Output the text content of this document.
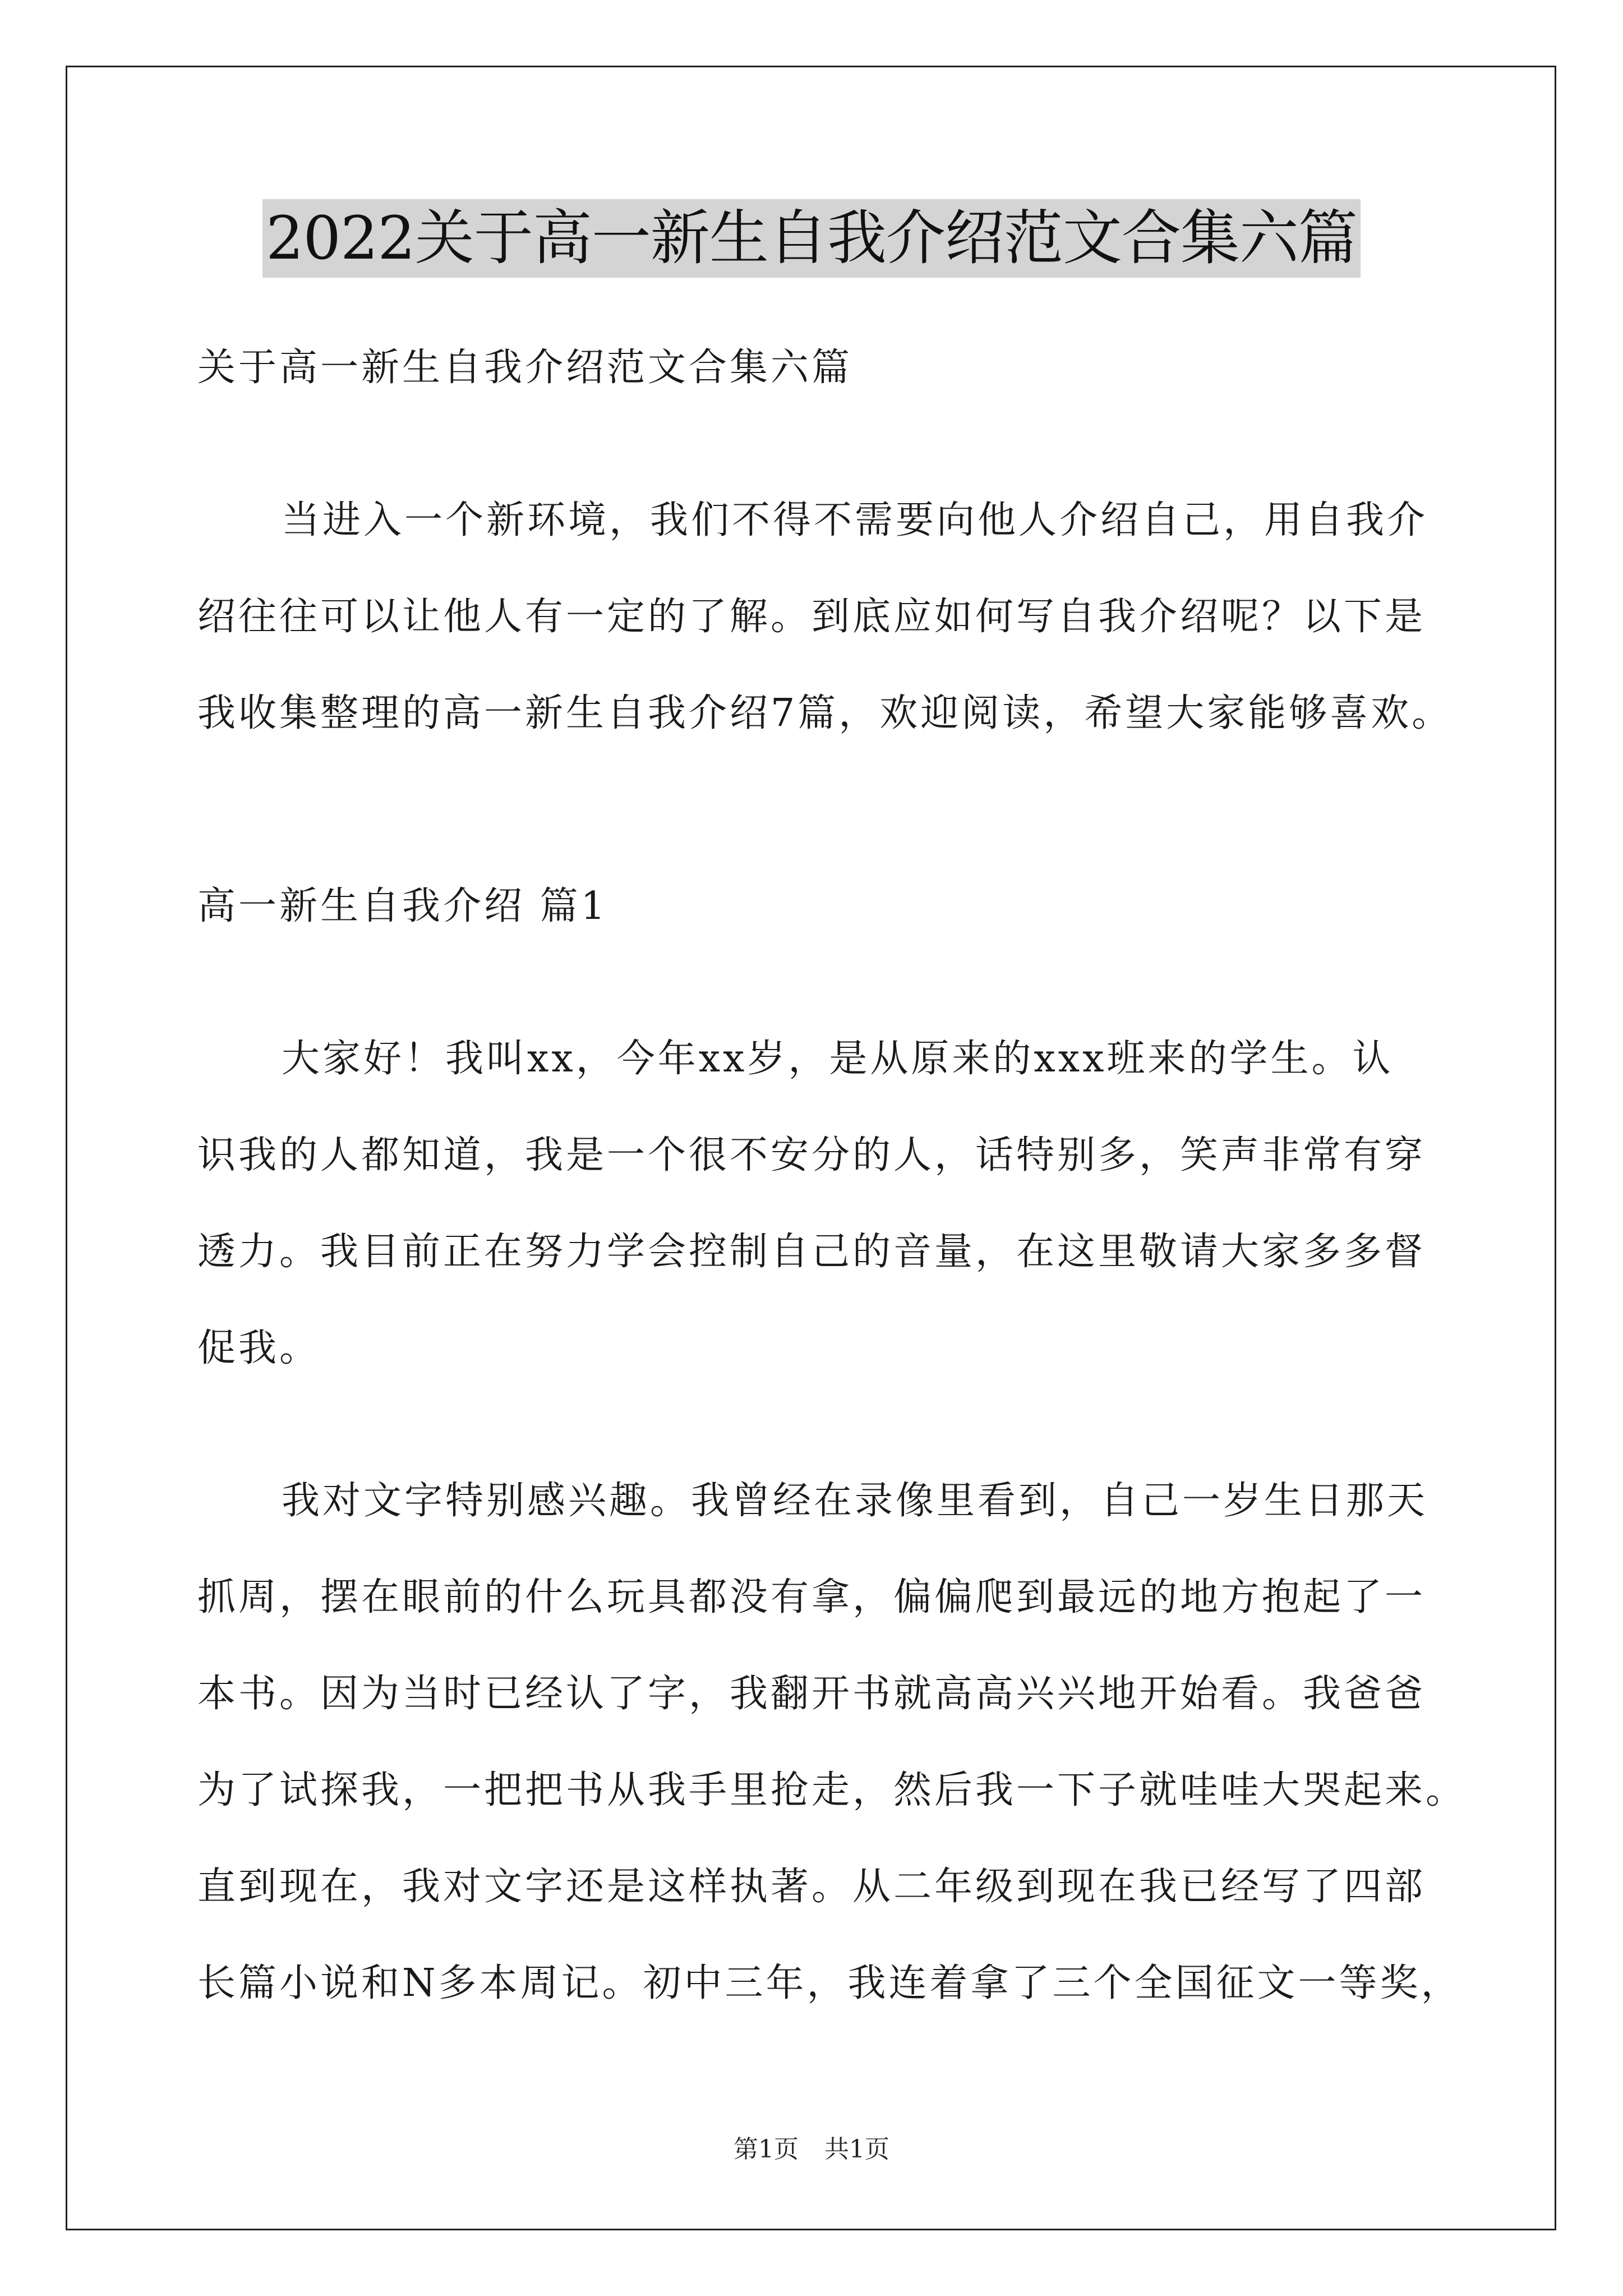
2022关于高一新生自我介绍范文合集六篇
关于高一新生自我介绍范文合集六篇
当进入一个新环境，我们不得不需要向他人介绍自己，用自我介
绍往往可以让他人有一定的了解。到底应如何写自我介绍呢？以下是
我收集整理的高一新生自我介绍7篇，欢迎阅读，希望大家能够喜欢。
高一新生自我介绍 篇1
大家好！我叫xx，今年xx岁，是从原来的xxx班来的学生。认
识我的人都知道，我是一个很不安分的人，话特别多，笑声非常有穿
透力。我目前正在努力学会控制自己的音量，在这里敬请大家多多督
促我。
我对文字特别感兴趣。我曾经在录像里看到，自己一岁生日那天
抓周，摆在眼前的什么玩具都没有拿，偏偏爬到最远的地方抱起了一
本书。因为当时已经认了字，我翻开书就高高兴兴地开始看。我爸爸
为了试探我，一把把书从我手里抢走，然后我一下子就哇哇大哭起来。
直到现在，我对文字还是这样执著。从二年级到现在我已经写了四部
长篇小说和N多本周记。初中三年，我连着拿了三个全国征文一等奖，
第1页 共1页
